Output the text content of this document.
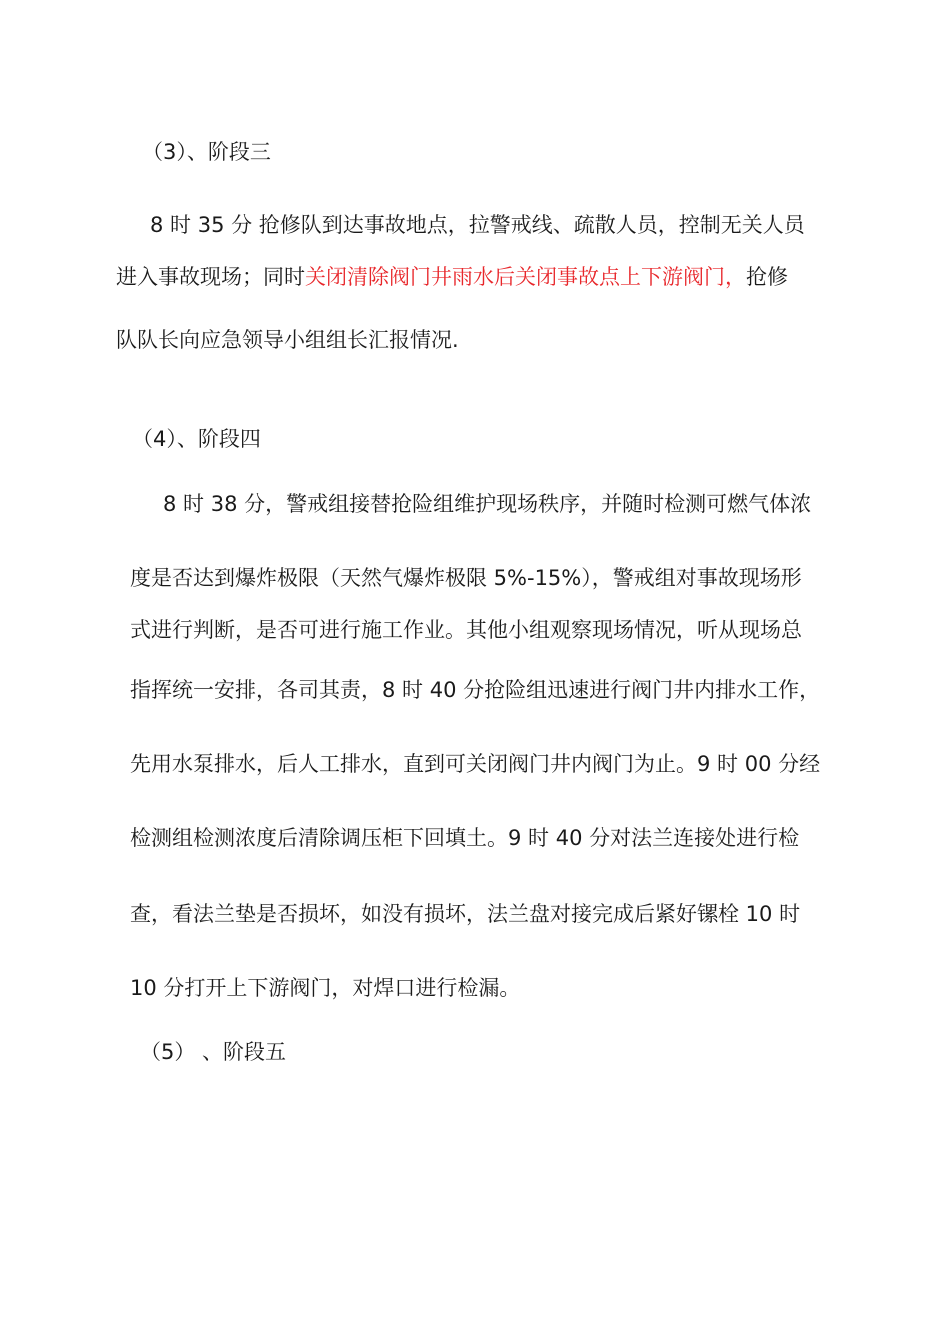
（3）、阶段三
8 时 35 分 抢修队到达事故地点，拉警戒线、疏散人员，控制无关人员
进入事故现场；同时关闭清除阀门井雨水后关闭事故点上下游阀门，抢修
队队长向应急领导小组组长汇报情况.
（4）、阶段四
8 时 38 分，警戒组接替抢险组维护现场秩序，并随时检测可燃气体浓
度是否达到爆炸极限（天然气爆炸极限 5%-15%），警戒组对事故现场形
式进行判断，是否可进行施工作业。其他小组观察现场情况，听从现场总
指挥统一安排，各司其责，8 时 40 分抢险组迅速进行阀门井内排水工作，
先用水泵排水，后人工排水，直到可关闭阀门井内阀门为止。9 时 00 分经
检测组检测浓度后清除调压柜下回填土。9 时 40 分对法兰连接处进行检
查，看法兰垫是否损坏，如没有损坏，法兰盘对接完成后紧好镙栓 10 时
10 分打开上下游阀门，对焊口进行检漏。
（5） 、阶段五
